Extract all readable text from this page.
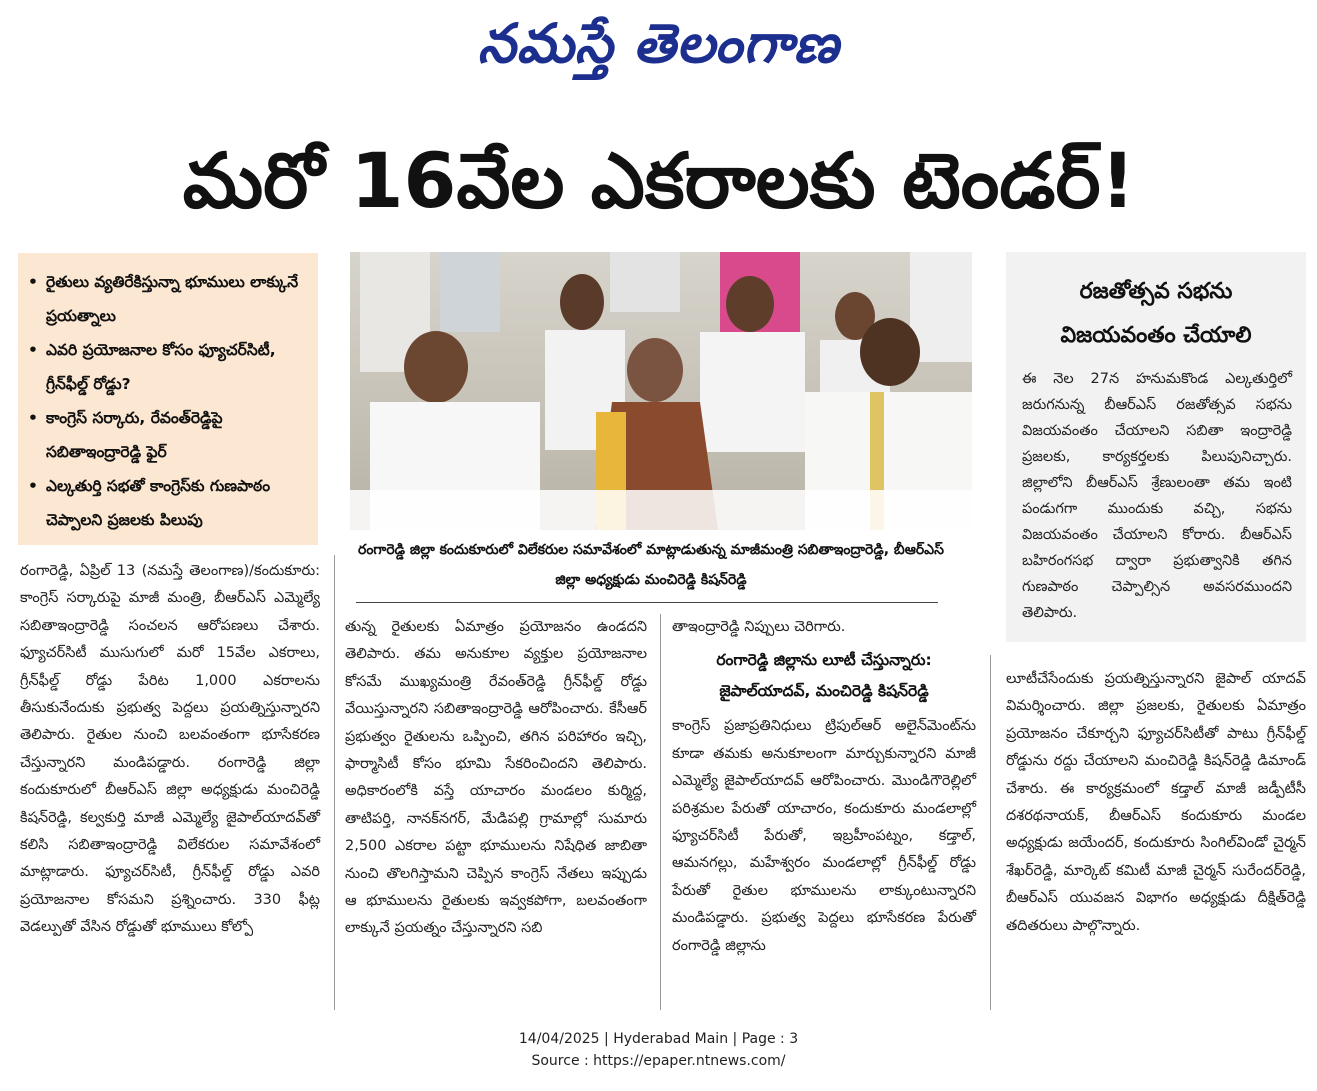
నమస్తే తెలంగాణ
మరో 16వేల ఎకరాలకు టెండర్!
• రైతులు వ్యతిరేకిస్తున్నా భూములు లాక్కునే ప్రయత్నాలు
• ఎవరి ప్రయోజనాల కోసం ఫ్యూచర్‌సిటీ, గ్రీన్‌ఫీల్డ్ రోడ్డు?
• కాంగ్రెస్ సర్కారు, రేవంత్‌రెడ్డిపై సబితాఇంద్రారెడ్డి ఫైర్
• ఎల్కతుర్తి సభతో కాంగ్రెస్‌కు గుణపాఠం చెప్పాలని ప్రజలకు పిలుపు
రంగారెడ్డి జిల్లా కందుకూరులో విలేకరుల సమావేశంలో మాట్లాడుతున్న మాజీమంత్రి సబితాఇంద్రారెడ్డి, బీఆర్‌ఎస్ జిల్లా అధ్యక్షుడు మంచిరెడ్డి కిషన్‌రెడ్డి
రజతోత్సవ సభను
విజయవంతం చేయాలి

ఈ నెల 27న హనుమకొండ ఎల్కతుర్తిలో జరుగనున్న బీఆర్‌ఎస్ రజతోత్సవ సభను విజయవంతం చేయాలని సబితా ఇంద్రారెడ్డి ప్రజలకు, కార్యకర్తలకు పిలుపునిచ్చారు. జిల్లాలోని బీఆర్‌ఎస్ శ్రేణులంతా తమ ఇంటి పండుగగా ముందుకు వచ్చి, సభను విజయవంతం చేయాలని కోరారు. బీఆర్‌ఎస్ బహిరంగసభ ద్వారా ప్రభుత్వానికి తగిన గుణపాఠం చెప్పాల్సిన అవసరముందని తెలిపారు.

రంగారెడ్డి, ఏప్రిల్ 13 (నమస్తే తెలంగాణ)/కందుకూరు: కాంగ్రెస్ సర్కారుపై మాజీ మంత్రి, బీఆర్‌ఎస్ ఎమ్మెల్యే సబితాఇంద్రారెడ్డి సంచలన ఆరోపణలు చేశారు. ఫ్యూచర్‌సిటీ ముసుగులో మరో 15వేల ఎకరాలు, గ్రీన్‌ఫీల్డ్ రోడ్డు పేరిట 1,000 ఎకరాలను తీసుకునేందుకు ప్రభుత్వ పెద్దలు ప్రయత్నిస్తున్నారని తెలిపారు. రైతుల నుంచి బలవంతంగా భూసేకరణ చేస్తున్నారని మండిపడ్డారు. రంగారెడ్డి జిల్లా కందుకూరులో బీఆర్‌ఎస్ జిల్లా అధ్యక్షుడు మంచిరెడ్డి కిషన్‌రెడ్డి, కల్వకుర్తి మాజీ ఎమ్మెల్యే జైపాల్‌యాదవ్‌తో కలిసి సబితాఇంద్రారెడ్డి విలేకరుల సమావేశంలో మాట్లాడారు. ఫ్యూచర్‌సిటీ, గ్రీన్‌ఫీల్డ్ రోడ్డు ఎవరి ప్రయోజనాల కోసమని ప్రశ్నించారు. 330 ఫీట్ల వెడల్పుతో వేసిన రోడ్డుతో భూములు కోల్పో

తున్న రైతులకు ఏమాత్రం ప్రయోజనం ఉండదని తెలిపారు. తమ అనుకూల వ్యక్తుల ప్రయోజనాల కోసమే ముఖ్యమంత్రి రేవంత్‌రెడ్డి గ్రీన్‌ఫీల్డ్ రోడ్డు వేయిస్తున్నారని సబితాఇంద్రారెడ్డి ఆరోపించారు. కేసీఆర్ ప్రభుత్వం రైతులను ఒప్పించి, తగిన పరిహారం ఇచ్చి, ఫార్మాసిటీ కోసం భూమి సేకరించిందని తెలిపారు. అధికారంలోకి వస్తే యాచారం మండలం కుర్మిద్ద, తాటిపర్తి, నానక్‌నగర్, మేడిపల్లి గ్రామాల్లో సుమారు 2,500 ఎకరాల పట్టా భూములను నిషేధిత జాబితా నుంచి తొలగిస్తామని చెప్పిన కాంగ్రెస్ నేతలు ఇప్పుడు ఆ భూములను రైతులకు ఇవ్వకపోగా, బలవంతంగా లాక్కునే ప్రయత్నం చేస్తున్నారని సబి

తాఇంద్రారెడ్డి నిప్పులు చెరిగారు.

రంగారెడ్డి జిల్లాను లూటీ చేస్తున్నారు:
జైపాల్‌యాదవ్, మంచిరెడ్డి కిషన్‌రెడ్డి

కాంగ్రెస్ ప్రజాప్రతినిధులు ట్రిపుల్‌ఆర్ అలైన్‌మెంట్‌ను కూడా తమకు అనుకూలంగా మార్చుకున్నారని మాజీ ఎమ్మెల్యే జైపాల్‌యాదవ్ ఆరోపించారు. మొండిగౌరెల్లిలో పరిశ్రమల పేరుతో యాచారం, కందుకూరు మండలాల్లో ఫ్యూచర్‌సిటీ పేరుతో, ఇబ్రహీంపట్నం, కడ్తాల్, ఆమనగల్లు, మహేశ్వరం మండలాల్లో గ్రీన్‌ఫీల్డ్ రోడ్డు పేరుతో రైతుల భూములను లాక్కుంటున్నారని మండిపడ్డారు. ప్రభుత్వ పెద్దలు భూసేకరణ పేరుతో రంగారెడ్డి జిల్లాను

లూటీచేసేందుకు ప్రయత్నిస్తున్నారని జైపాల్ యాదవ్ విమర్శించారు. జిల్లా ప్రజలకు, రైతులకు ఏమాత్రం ప్రయోజనం చేకూర్చని ఫ్యూచర్‌సిటీతో పాటు గ్రీన్‌ఫీల్డ్ రోడ్డును రద్దు చేయాలని మంచిరెడ్డి కిషన్‌రెడ్డి డిమాండ్ చేశారు. ఈ కార్యక్రమంలో కడ్తాల్ మాజీ జడ్పీటీసీ దశరథనాయక్, బీఆర్‌ఎస్ కందుకూరు మండల అధ్యక్షుడు జయేందర్, కందుకూరు సింగిల్‌విండో చైర్మన్ శేఖర్‌రెడ్డి, మార్కెట్ కమిటీ మాజీ చైర్మన్ సురేందర్‌రెడ్డి, బీఆర్‌ఎస్ యువజన విభాగం అధ్యక్షుడు దీక్షిత్‌రెడ్డి తదితరులు పాల్గొన్నారు.

14/04/2025 | Hyderabad Main | Page : 3
Source : https://epaper.ntnews.com/
